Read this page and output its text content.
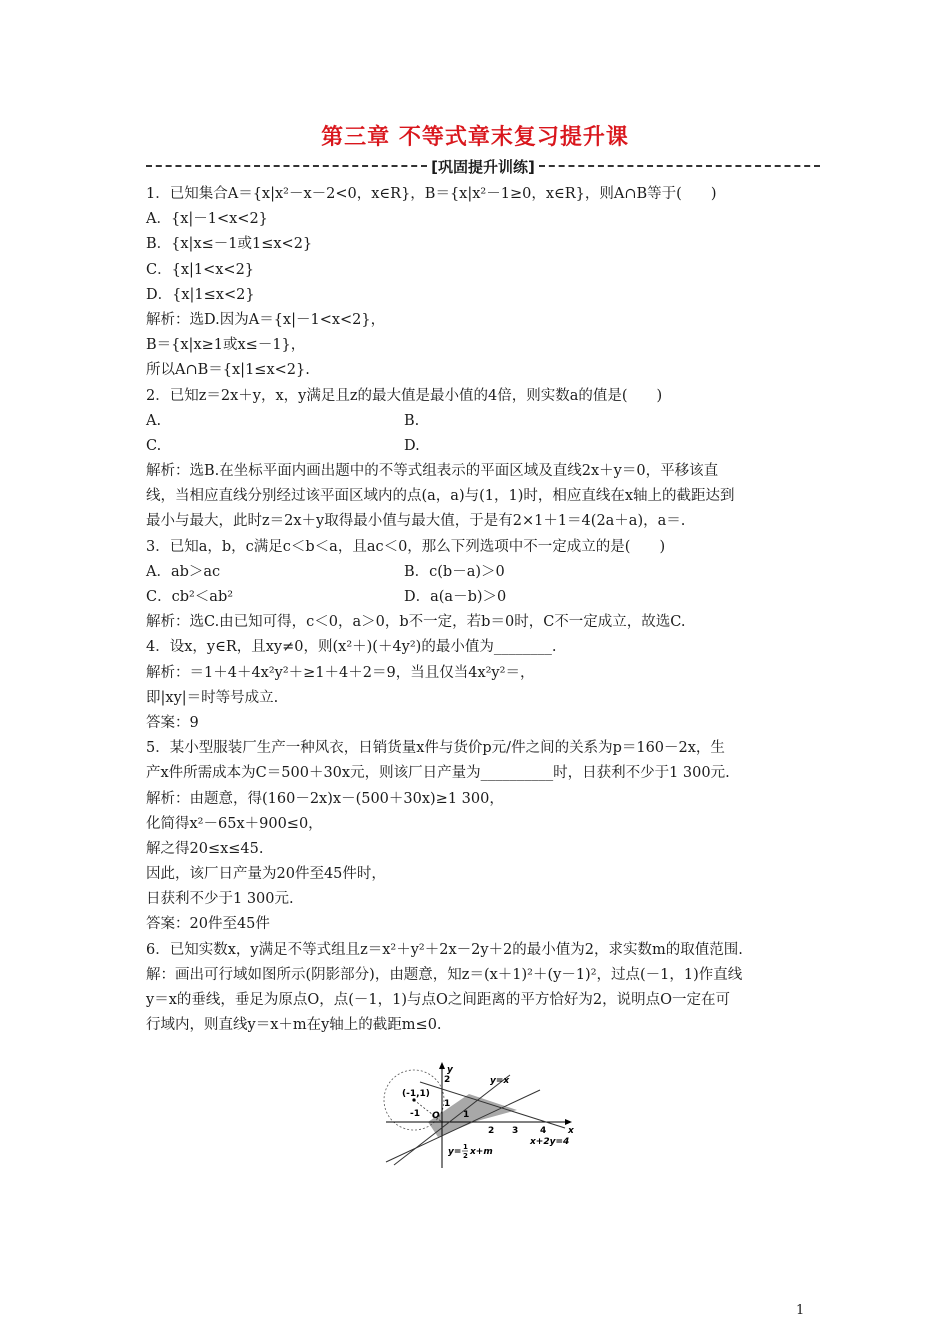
第三章 不等式章末复习提升课
[巩固提升训练]
1．已知集合A＝{x|x²－x－2<0，x∈R}，B＝{x|x²－1≥0，x∈R}，则A∩B等于(　　)
A．{x|－1<x<2}
B．{x|x≤－1或1≤x<2}
C．{x|1<x<2}
D．{x|1≤x<2}
解析：选D.因为A＝{x|－1<x<2}，
B＝{x|x≥1或x≤－1}，
所以A∩B＝{x|1≤x<2}.
2．已知z＝2x＋y，x，y满足且z的最大值是最小值的4倍，则实数a的值是(　　)
A.	B.
C.	D.
解析：选B.在坐标平面内画出题中的不等式组表示的平面区域及直线2x＋y＝0，平移该直
线，当相应直线分别经过该平面区域内的点(a，a)与(1，1)时，相应直线在x轴上的截距达到
最小与最大，此时z＝2x＋y取得最小值与最大值，于是有2×1＋1＝4(2a＋a)，a＝.
3．已知a，b，c满足c＜b＜a，且ac＜0，那么下列选项中不一定成立的是(　　)
A．ab＞ac	B．c(b－a)＞0
C．cb²＜ab²	D．a(a－b)＞0
解析：选C.由已知可得，c＜0，a＞0，b不一定，若b＝0时，C不一定成立，故选C.
4．设x，y∈R，且xy≠0，则(x²＋)(＋4y²)的最小值为________.
解析：＝1＋4＋4x²y²＋≥1＋4＋2＝9，当且仅当4x²y²＝，
即|xy|＝时等号成立.
答案：9
5．某小型服装厂生产一种风衣，日销货量x件与货价p元/件之间的关系为p＝160－2x，生
产x件所需成本为C＝500＋30x元，则该厂日产量为__________时，日获利不少于1 300元.
解析：由题意，得(160－2x)x－(500＋30x)≥1 300，
化简得x²－65x＋900≤0，
解之得20≤x≤45.
因此，该厂日产量为20件至45件时，
日获利不少于1 300元.
答案：20件至45件
6．已知实数x，y满足不等式组且z＝x²＋y²＋2x－2y＋2的最小值为2，求实数m的取值范围.
解：画出可行域如图所示(阴影部分)，由题意，知z＝(x＋1)²＋(y－1)²，过点(－1，1)作直线
y＝x的垂线，垂足为原点O，点(－1，1)与点O之间距离的平方恰好为2，说明点O一定在可
行域内，则直线y＝x＋m在y轴上的截距m≤0.
y
x
2
1
(-1,1)
-1 O	1
2 3 4
y=x
x+2y=4
y= 1
2 x+m
1
